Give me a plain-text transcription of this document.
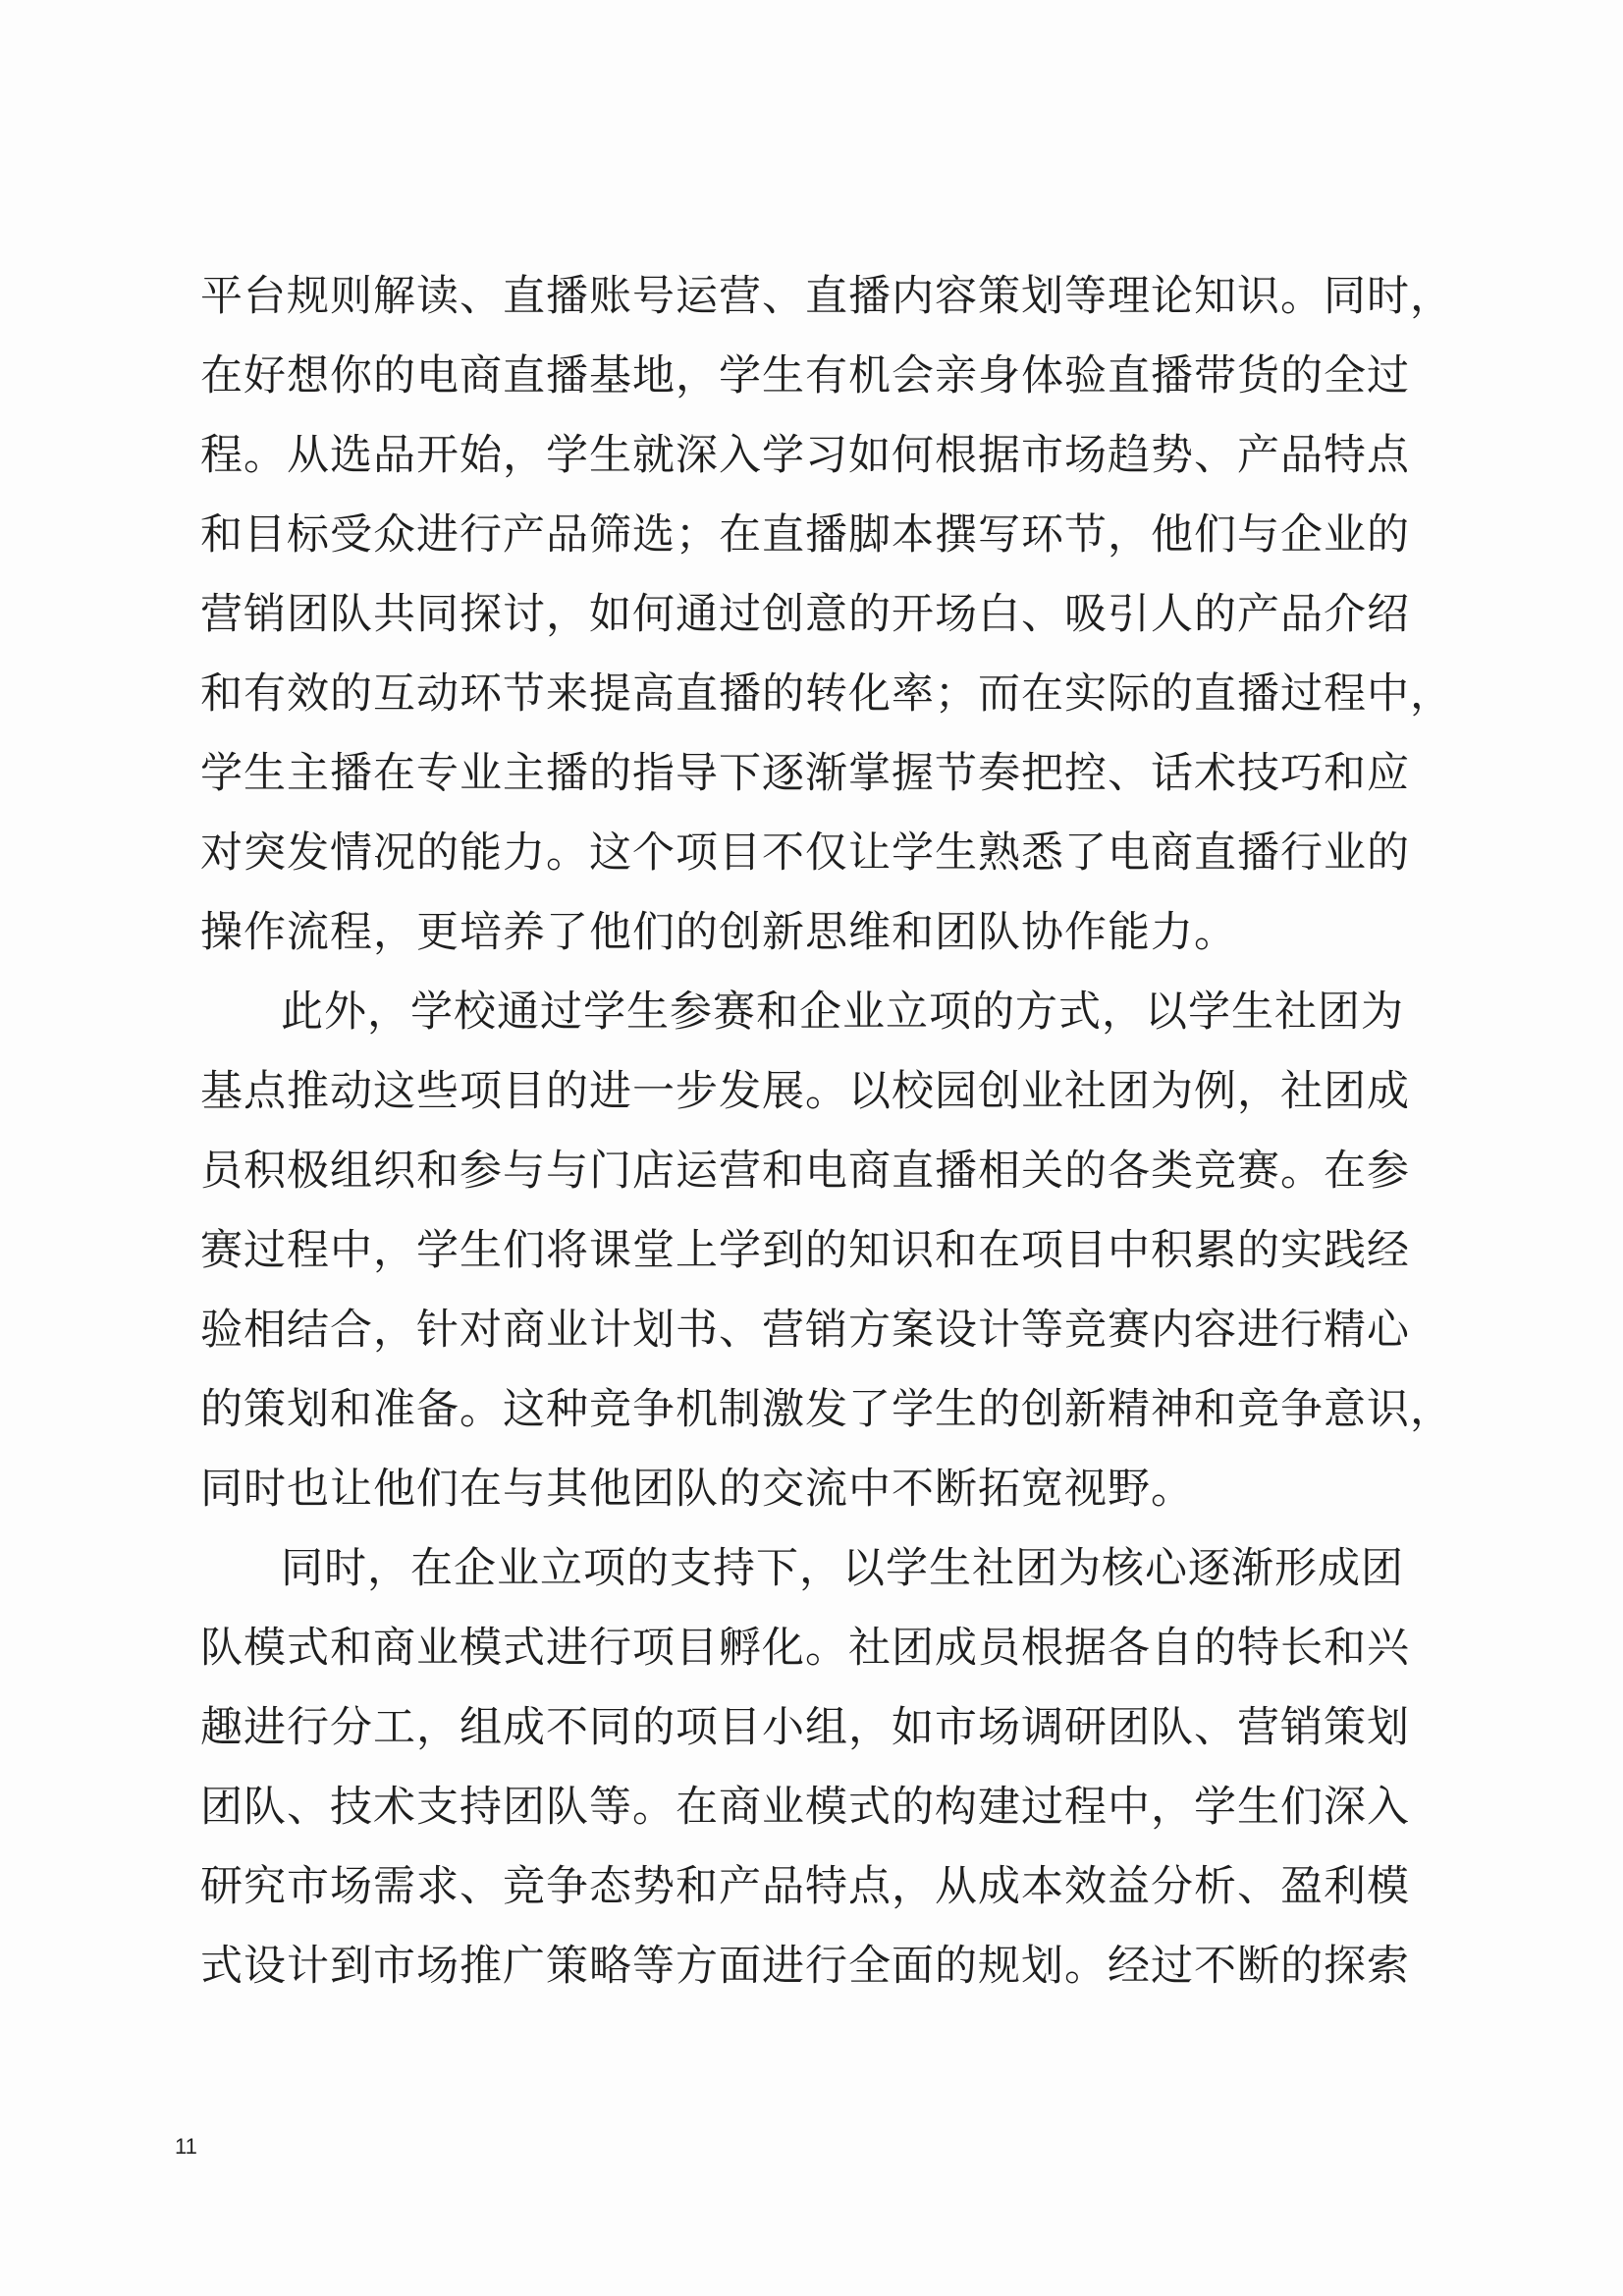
平台规则解读、直播账号运营、直播内容策划等理论知识。同时，
在好想你的电商直播基地，学生有机会亲身体验直播带货的全过
程。从选品开始，学生就深入学习如何根据市场趋势、产品特点
和目标受众进行产品筛选；在直播脚本撰写环节，他们与企业的
营销团队共同探讨，如何通过创意的开场白、吸引人的产品介绍
和有效的互动环节来提高直播的转化率；而在实际的直播过程中，
学生主播在专业主播的指导下逐渐掌握节奏把控、话术技巧和应
对突发情况的能力。这个项目不仅让学生熟悉了电商直播行业的
操作流程，更培养了他们的创新思维和团队协作能力。
此外，学校通过学生参赛和企业立项的方式，以学生社团为
基点推动这些项目的进一步发展。以校园创业社团为例，社团成
员积极组织和参与与门店运营和电商直播相关的各类竞赛。在参
赛过程中，学生们将课堂上学到的知识和在项目中积累的实践经
验相结合，针对商业计划书、营销方案设计等竞赛内容进行精心
的策划和准备。这种竞争机制激发了学生的创新精神和竞争意识，
同时也让他们在与其他团队的交流中不断拓宽视野。
同时，在企业立项的支持下，以学生社团为核心逐渐形成团
队模式和商业模式进行项目孵化。社团成员根据各自的特长和兴
趣进行分工，组成不同的项目小组，如市场调研团队、营销策划
团队、技术支持团队等。在商业模式的构建过程中，学生们深入
研究市场需求、竞争态势和产品特点，从成本效益分析、盈利模
式设计到市场推广策略等方面进行全面的规划。经过不断的探索
11
